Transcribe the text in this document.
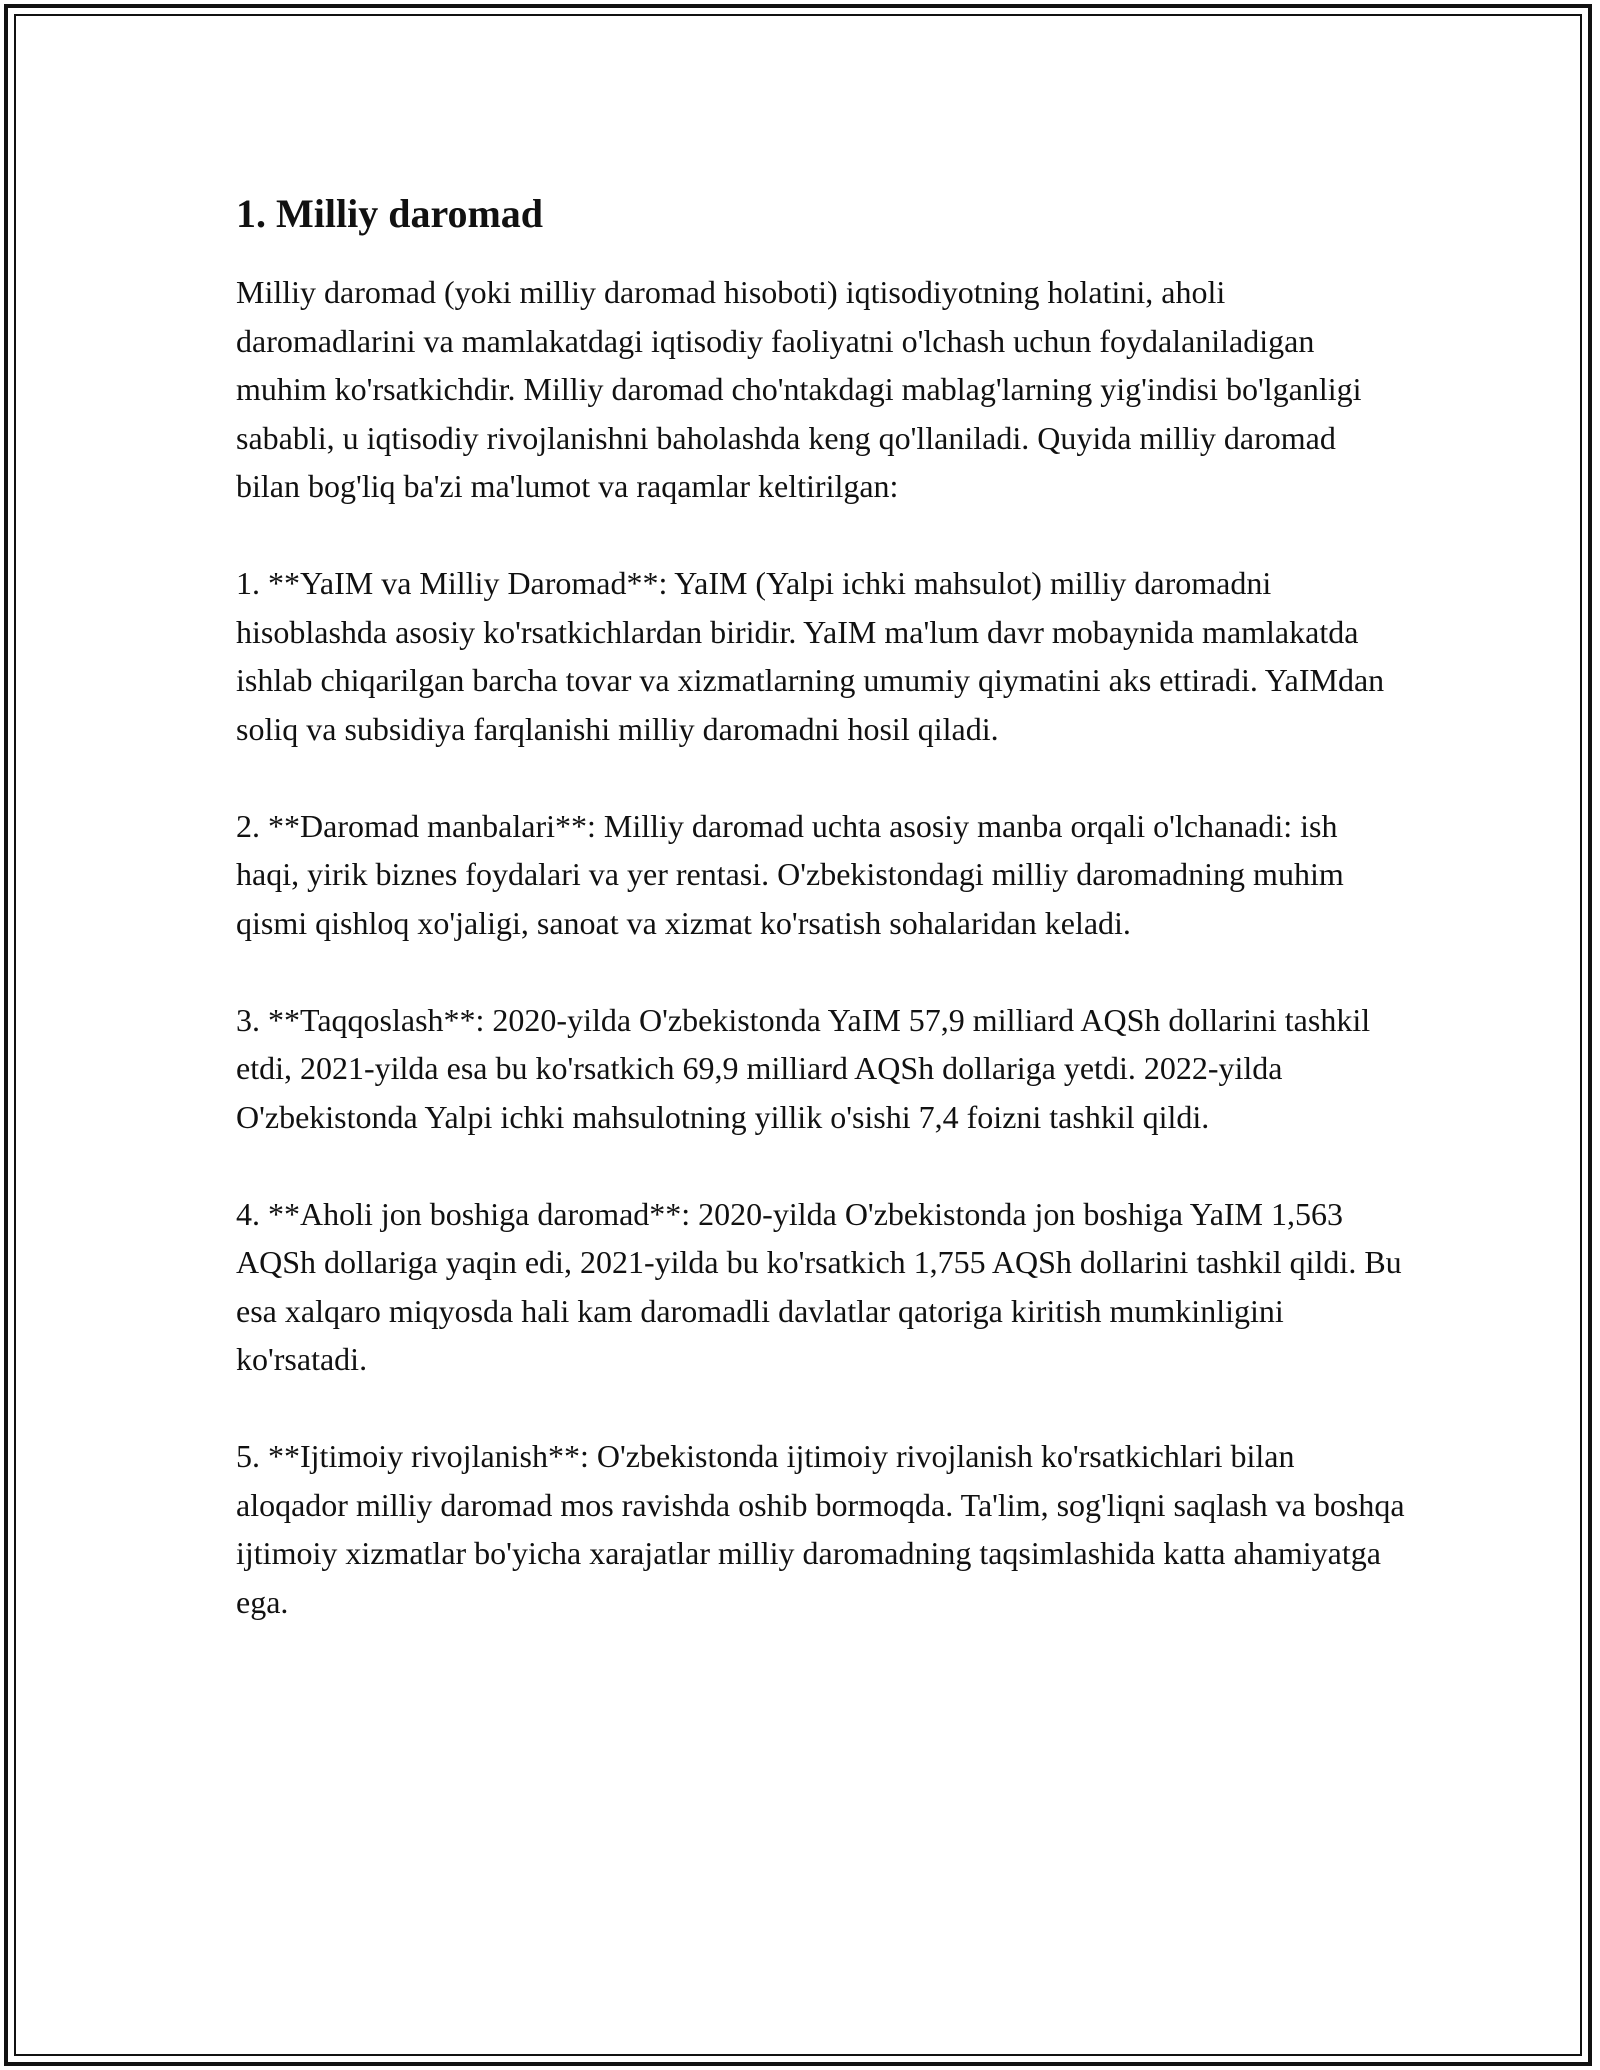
1. Milliy daromad

Milliy daromad (yoki milliy daromad hisoboti) iqtisodiyotning holatini, aholi daromadlarini va mamlakatdagi iqtisodiy faoliyatni o'lchash uchun foydalaniladigan muhim ko'rsatkichdir. Milliy daromad cho'ntakdagi mablag'larning yig'indisi bo'lganligi sababli, u iqtisodiy rivojlanishni baholashda keng qo'llaniladi. Quyida milliy daromad bilan bog'liq ba'zi ma'lumot va raqamlar keltirilgan:

1. **YaIM va Milliy Daromad**: YaIM (Yalpi ichki mahsulot) milliy daromadni hisoblashda asosiy ko'rsatkichlardan biridir. YaIM ma'lum davr mobaynida mamlakatda ishlab chiqarilgan barcha tovar va xizmatlarning umumiy qiymatini aks ettiradi. YaIMdan soliq va subsidiya farqlanishi milliy daromadni hosil qiladi.

2. **Daromad manbalari**: Milliy daromad uchta asosiy manba orqali o'lchanadi: ish haqi, yirik biznes foydalari va yer rentasi. O'zbekistondagi milliy daromadning muhim qismi qishloq xo'jaligi, sanoat va xizmat ko'rsatish sohalaridan keladi.

3. **Taqqoslash**: 2020-yilda O'zbekistonda YaIM 57,9 milliard AQSh dollarini tashkil etdi, 2021-yilda esa bu ko'rsatkich 69,9 milliard AQSh dollariga yetdi. 2022-yilda O'zbekistonda Yalpi ichki mahsulotning yillik o'sishi 7,4 foizni tashkil qildi.

4. **Aholi jon boshiga daromad**: 2020-yilda O'zbekistonda jon boshiga YaIM 1,563 AQSh dollariga yaqin edi, 2021-yilda bu ko'rsatkich 1,755 AQSh dollarini tashkil qildi. Bu esa xalqaro miqyosda hali kam daromadli davlatlar qatoriga kiritish mumkinligini ko'rsatadi.

5. **Ijtimoiy rivojlanish**: O'zbekistonda ijtimoiy rivojlanish ko'rsatkichlari bilan aloqador milliy daromad mos ravishda oshib bormoqda. Ta'lim, sog'liqni saqlash va boshqa ijtimoiy xizmatlar bo'yicha xarajatlar milliy daromadning taqsimlashida katta ahamiyatga ega.
